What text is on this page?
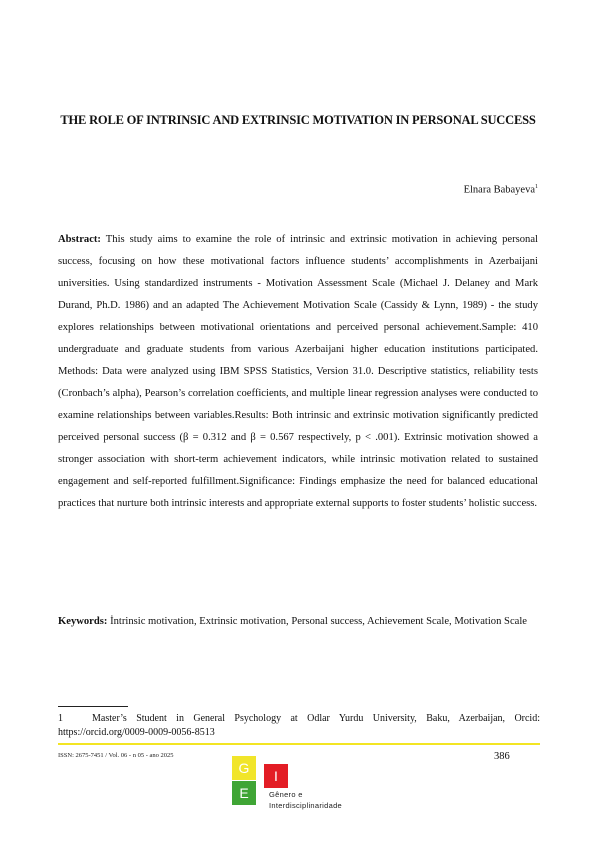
THE ROLE OF INTRINSIC AND EXTRINSIC MOTIVATION IN PERSONAL SUCCESS
Elnara Babayeva$^1$
Abstract: This study aims to examine the role of intrinsic and extrinsic motivation in achieving personal success, focusing on how these motivational factors influence students’ accomplishments in Azerbaijani universities. Using standardized instruments - Motivation Assessment Scale (Michael J. Delaney and Mark Durand, Ph.D. 1986) and an adapted The Achievement Motivation Scale (Cassidy & Lynn, 1989) - the study explores relationships between motivational orientations and perceived personal achievement.Sample: 410 undergraduate and graduate students from various Azerbaijani higher education institutions participated. Methods: Data were analyzed using IBM SPSS Statistics, Version 31.0. Descriptive statistics, reliability tests (Cronbach’s alpha), Pearson’s correlation coefficients, and multiple linear regression analyses were conducted to examine relationships between variables.Results: Both intrinsic and extrinsic motivation significantly predicted perceived personal success (β = 0.312 and β = 0.567 respectively, p < .001). Extrinsic motivation showed a stronger association with short-term achievement indicators, while intrinsic motivation related to sustained engagement and self-reported fulfillment.Significance: Findings emphasize the need for balanced educational practices that nurture both intrinsic interests and appropriate external supports to foster students’ holistic success.
Keywords: İntrinsic motivation, Extrinsic motivation, Personal success, Achievement Scale, Motivation Scale
1	Master’s Student in General Psychology at Odlar Yurdu University, Baku, Azerbaijan, Orcid: https://orcid.org/0009-0009-0056-8513
ISSN: 2675-7451 / Vol. 06 - n 05 - ano 2025	386
G	I
E	Gênero e
Interdisciplinaridade
